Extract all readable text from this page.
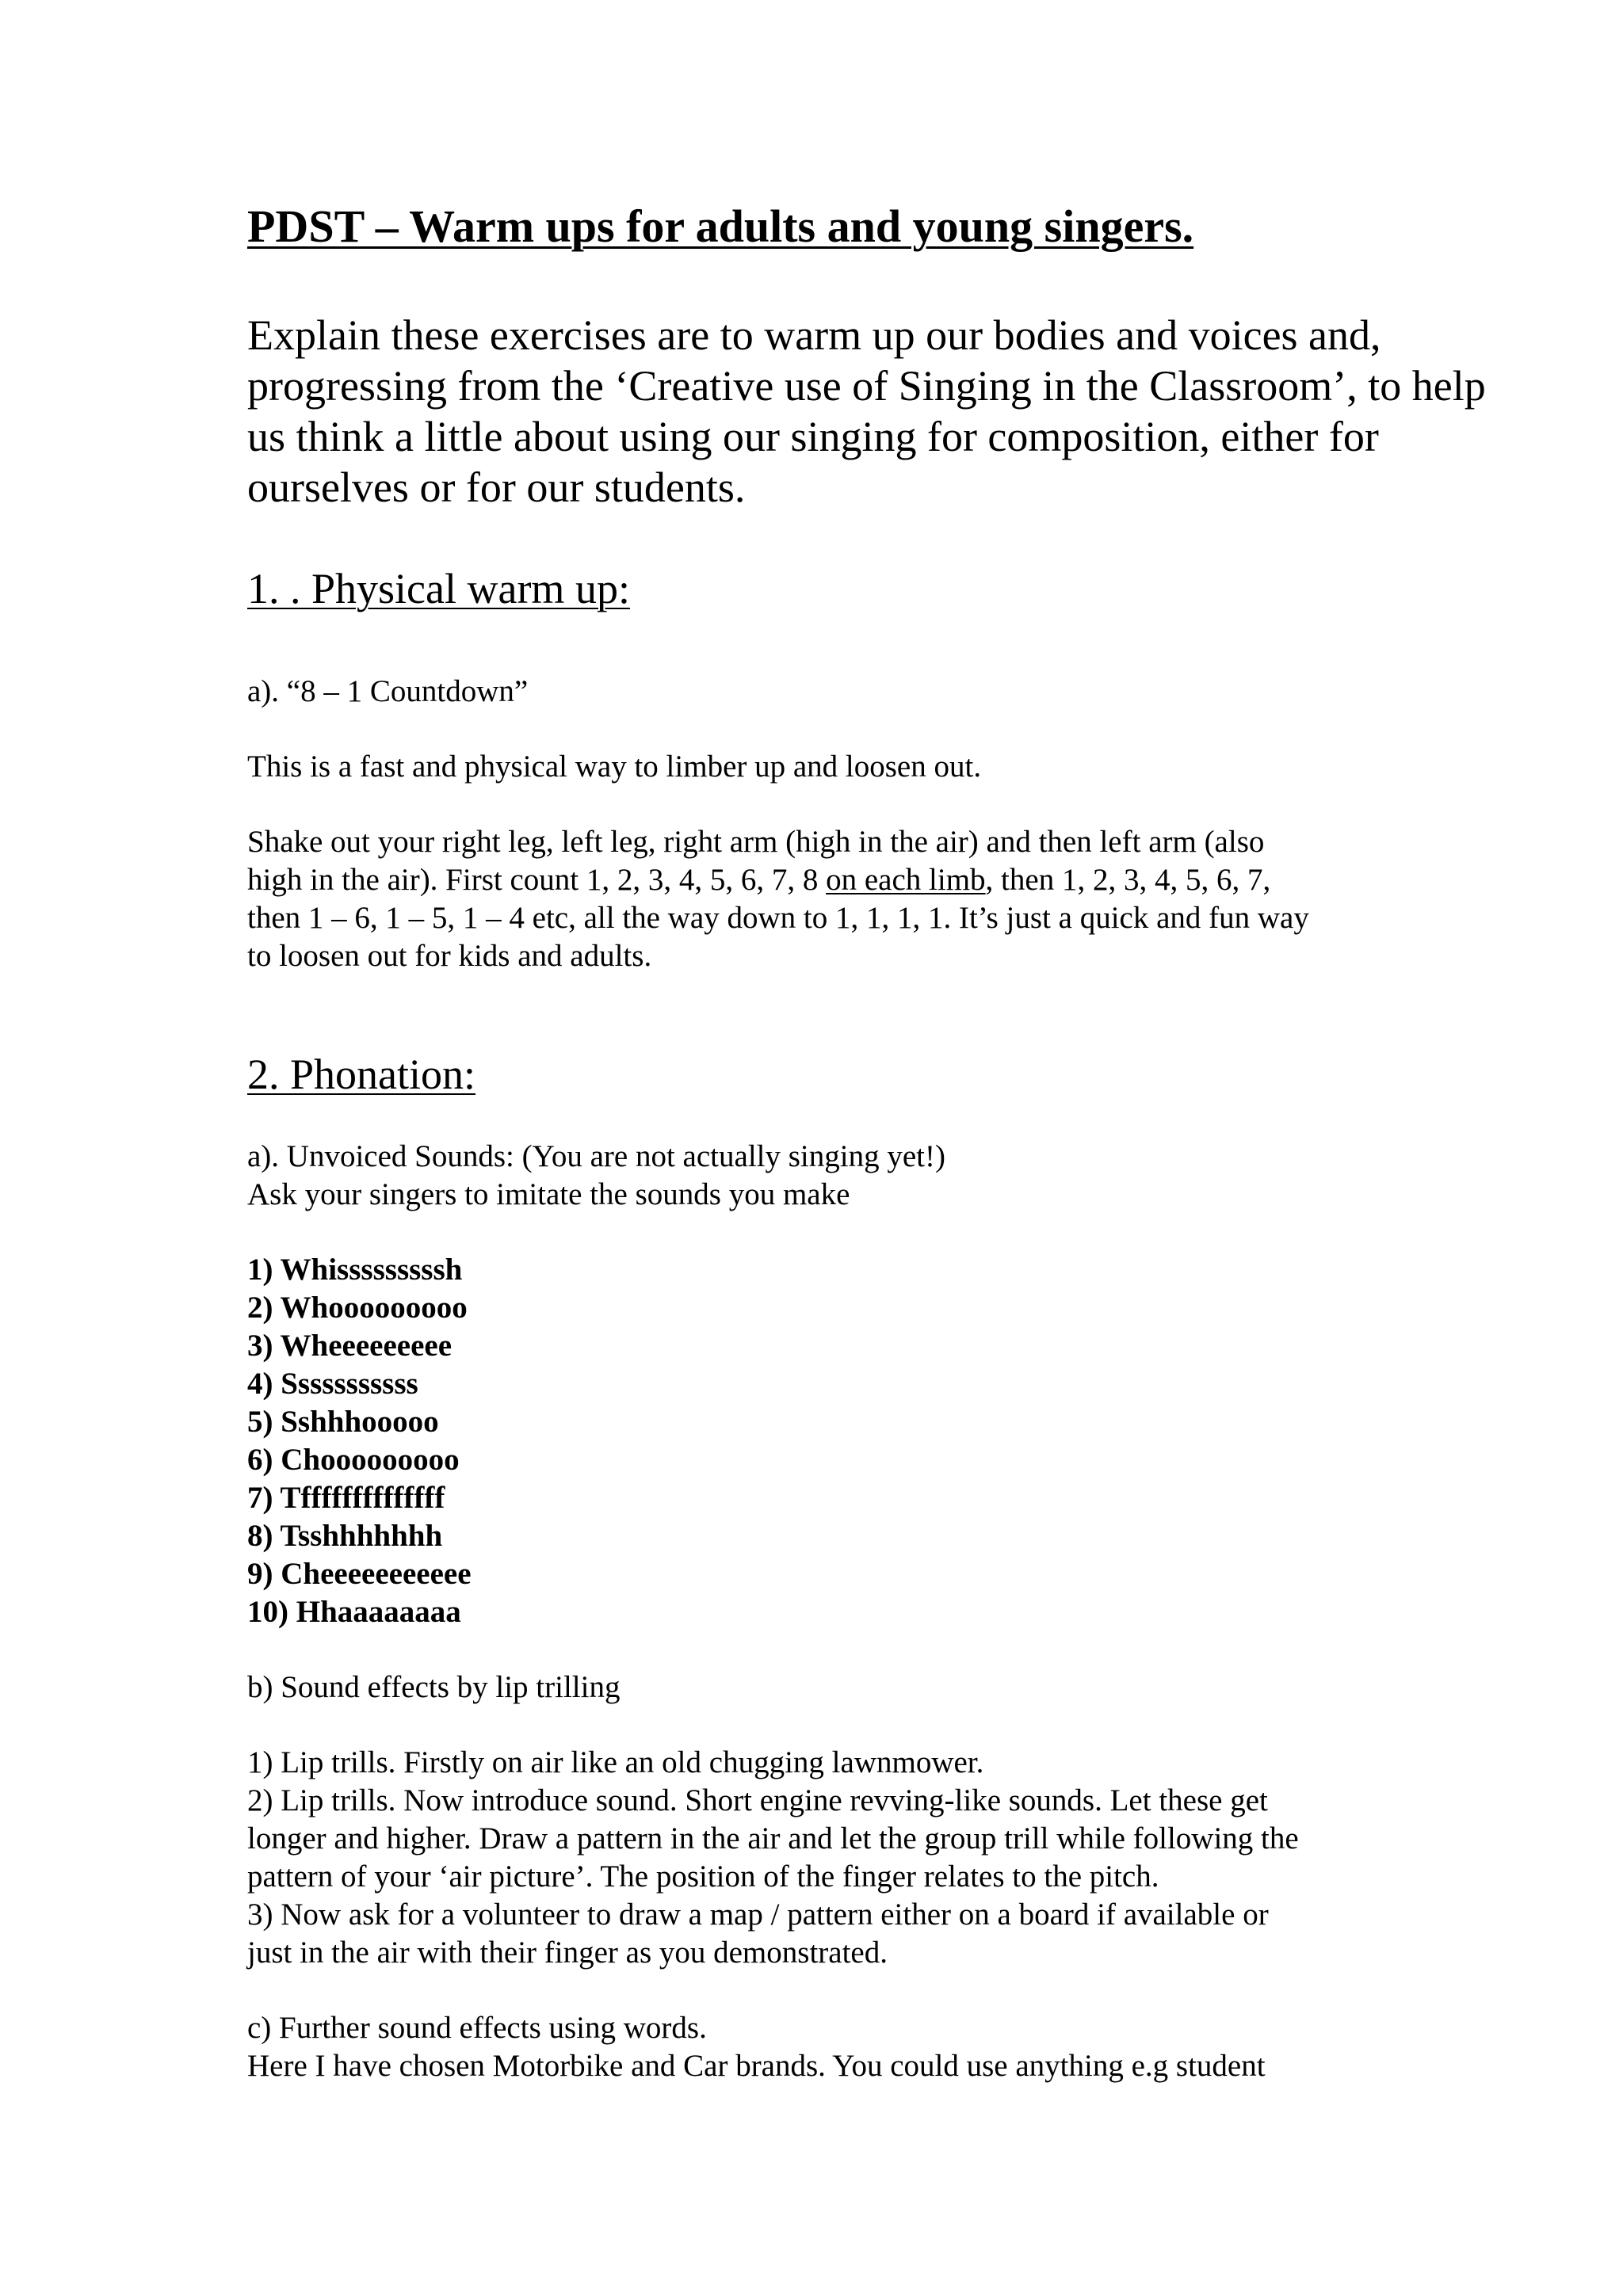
PDST – Warm ups for adults and young singers.
Explain these exercises are to warm up our bodies and voices and,
progressing from the ‘Creative use of Singing in the Classroom’, to help
us think a little about using our singing for composition, either for
ourselves or for our students.
1. . Physical warm up:
a). “8 – 1 Countdown”
This is a fast and physical way to limber up and loosen out.
Shake out your right leg, left leg, right arm (high in the air) and then left arm (also
high in the air). First count 1, 2, 3, 4, 5, 6, 7, 8 on each limb, then 1, 2, 3, 4, 5, 6, 7,
then 1 – 6, 1 – 5, 1 – 4 etc, all the way down to 1, 1, 1, 1. It’s just a quick and fun way
to loosen out for kids and adults.
2. Phonation:
a). Unvoiced Sounds: (You are not actually singing yet!)
Ask your singers to imitate the sounds you make
1) Whisssssssssh
2) Whooooooooo
3) Wheeeeeeeee
4) Sssssssssss
5) Sshhhooooo
6) Chooooooooo
7) Tffffffffffffff
8) Tsshhhhhhh
9) Cheeeeeeeeeee
10) Hhaaaaaaaa
b) Sound effects by lip trilling
1) Lip trills. Firstly on air like an old chugging lawnmower.
2) Lip trills. Now introduce sound. Short engine revving-like sounds. Let these get
longer and higher. Draw a pattern in the air and let the group trill while following the
pattern of your ‘air picture’. The position of the finger relates to the pitch.
3) Now ask for a volunteer to draw a map / pattern either on a board if available or
just in the air with their finger as you demonstrated.
c) Further sound effects using words.
Here I have chosen Motorbike and Car brands. You could use anything e.g student
